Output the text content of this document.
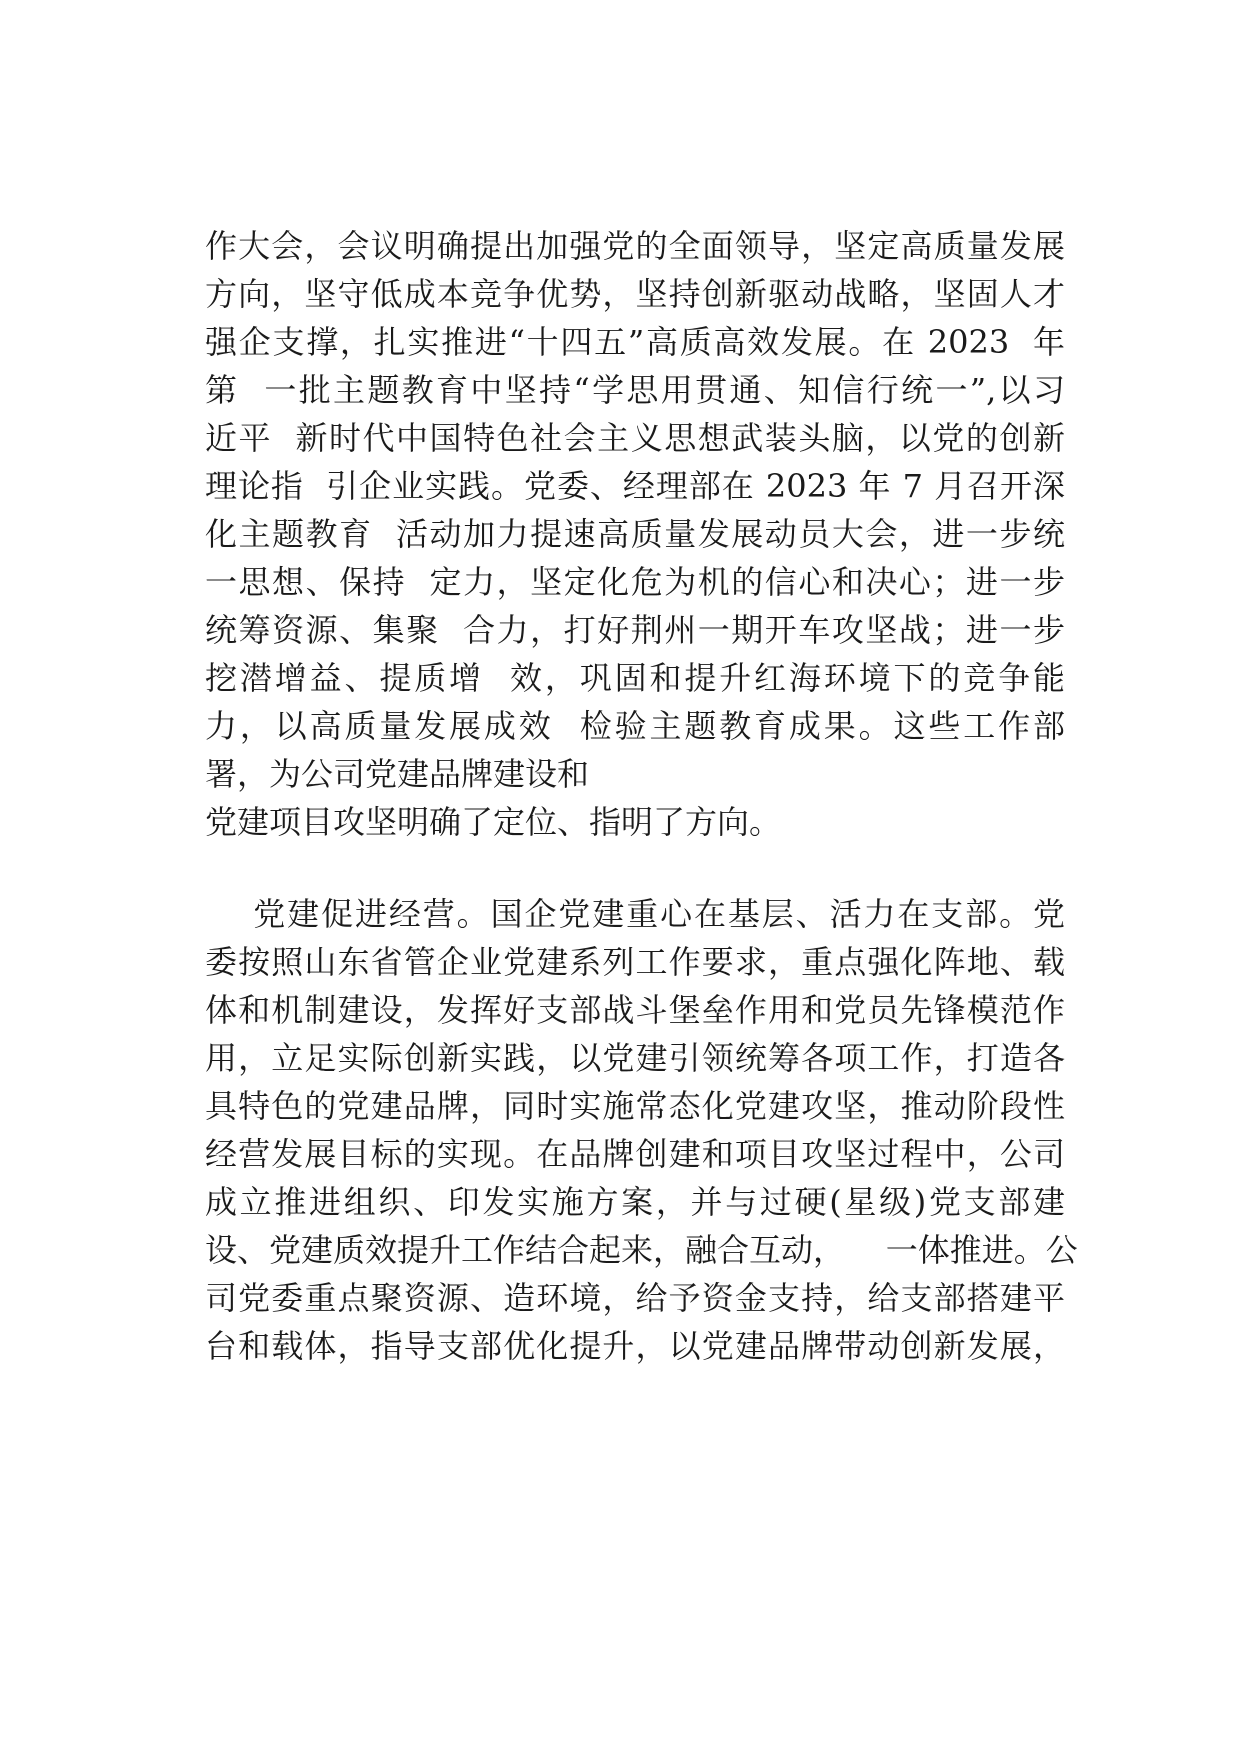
作大会，会议明确提出加强党的全面领导，坚定高质量发展
方向，坚守低成本竞争优势，坚持创新驱动战略，坚固人才
强企支撑，扎实推进“十四五”高质高效发展。在 2023  年
第  一批主题教育中坚持“学思用贯通、知信行统一”,以习
近平  新时代中国特色社会主义思想武装头脑，以党的创新
理论指  引企业实践。党委、经理部在 2023 年 7 月召开深
化主题教育  活动加力提速高质量发展动员大会，进一步统
一思想、保持  定力，坚定化危为机的信心和决心；进一步
统筹资源、集聚  合力，打好荆州一期开车攻坚战；进一步
挖潜增益、提质增  效，巩固和提升红海环境下的竞争能
力，以高质量发展成效  检验主题教育成果。这些工作部
署，为公司党建品牌建设和
党建项目攻坚明确了定位、指明了方向。
党建促进经营。国企党建重心在基层、活力在支部。党
委按照山东省管企业党建系列工作要求，重点强化阵地、载
体和机制建设，发挥好支部战斗堡垒作用和党员先锋模范作
用，立足实际创新实践，以党建引领统筹各项工作，打造各
具特色的党建品牌，同时实施常态化党建攻坚，推动阶段性
经营发展目标的实现。在品牌创建和项目攻坚过程中，公司
成立推进组织、印发实施方案，并与过硬(星级)党支部建
设、党建质效提升工作结合起来，融合互动，    一体推进。公
司党委重点聚资源、造环境，给予资金支持，给支部搭建平
台和载体，指导支部优化提升，以党建品牌带动创新发展，
